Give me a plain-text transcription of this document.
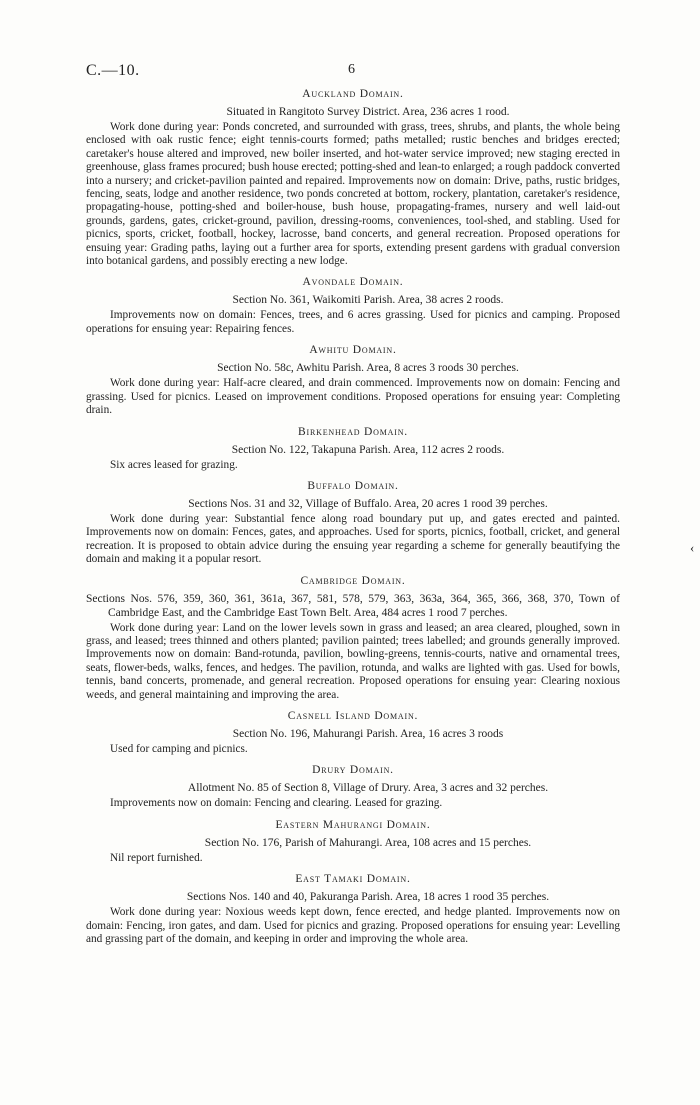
C.—10.	6
Auckland Domain.
Situated in Rangitoto Survey District. Area, 236 acres 1 rood.

Work done during year: Ponds concreted, and surrounded with grass, trees, shrubs, and plants, the whole being enclosed with oak rustic fence; eight tennis-courts formed; paths metalled; rustic benches and bridges erected; caretaker's house altered and improved, new boiler inserted, and hot-water service improved; new staging erected in greenhouse, glass frames procured; bush house erected; potting-shed and lean-to enlarged; a rough paddock converted into a nursery; and cricket-pavilion painted and repaired. Improvements now on domain: Drive, paths, rustic bridges, fencing, seats, lodge and another residence, two ponds concreted at bottom, rockery, plantation, caretaker's residence, propagating-house, potting-shed and boiler-house, bush house, propagating-frames, nursery and well laid-out grounds, gardens, gates, cricket-ground, pavilion, dressing-rooms, conveniences, tool-shed, and stabling. Used for picnics, sports, cricket, football, hockey, lacrosse, band concerts, and general recreation. Proposed operations for ensuing year: Grading paths, laying out a further area for sports, extending present gardens with gradual conversion into botanical gardens, and possibly erecting a new lodge.

Avondale Domain.
Section No. 361, Waikomiti Parish. Area, 38 acres 2 roods.

Improvements now on domain: Fences, trees, and 6 acres grassing. Used for picnics and camping. Proposed operations for ensuing year: Repairing fences.

Awhitu Domain.
Section No. 58c, Awhitu Parish. Area, 8 acres 3 roods 30 perches.

Work done during year: Half-acre cleared, and drain commenced. Improvements now on domain: Fencing and grassing. Used for picnics. Leased on improvement conditions. Proposed operations for ensuing year: Completing drain.

Birkenhead Domain.
Section No. 122, Takapuna Parish. Area, 112 acres 2 roods.

Six acres leased for grazing.

Buffalo Domain.
Sections Nos. 31 and 32, Village of Buffalo. Area, 20 acres 1 rood 39 perches.

Work done during year: Substantial fence along road boundary put up, and gates erected and painted. Improvements now on domain: Fences, gates, and approaches. Used for sports, picnics, football, cricket, and general recreation. It is proposed to obtain advice during the ensuing year regarding a scheme for generally beautifying the domain and making it a popular resort.

Cambridge Domain.
Sections Nos. 576, 359, 360, 361, 361a, 367, 581, 578, 579, 363, 363a, 364, 365, 366, 368, 370, Town of Cambridge East, and the Cambridge East Town Belt. Area, 484 acres 1 rood 7 perches.

Work done during year: Land on the lower levels sown in grass and leased; an area cleared, ploughed, sown in grass, and leased; trees thinned and others planted; pavilion painted; trees labelled; and grounds generally improved. Improvements now on domain: Band-rotunda, pavilion, bowling-greens, tennis-courts, native and ornamental trees, seats, flower-beds, walks, fences, and hedges. The pavilion, rotunda, and walks are lighted with gas. Used for bowls, tennis, band concerts, promenade, and general recreation. Proposed operations for ensuing year: Clearing noxious weeds, and general maintaining and improving the area.

Casnell Island Domain.
Section No. 196, Mahurangi Parish. Area, 16 acres 3 roods

Used for camping and picnics.

Drury Domain.
Allotment No. 85 of Section 8, Village of Drury. Area, 3 acres and 32 perches.

Improvements now on domain: Fencing and clearing. Leased for grazing.

Eastern Mahurangi Domain.
Section No. 176, Parish of Mahurangi. Area, 108 acres and 15 perches.

Nil report furnished.

East Tamaki Domain.
Sections Nos. 140 and 40, Pakuranga Parish. Area, 18 acres 1 rood 35 perches.

Work done during year: Noxious weeds kept down, fence erected, and hedge planted. Improvements now on domain: Fencing, iron gates, and dam. Used for picnics and grazing. Proposed operations for ensuing year: Levelling and grassing part of the domain, and keeping in order and improving the whole area.

‹
